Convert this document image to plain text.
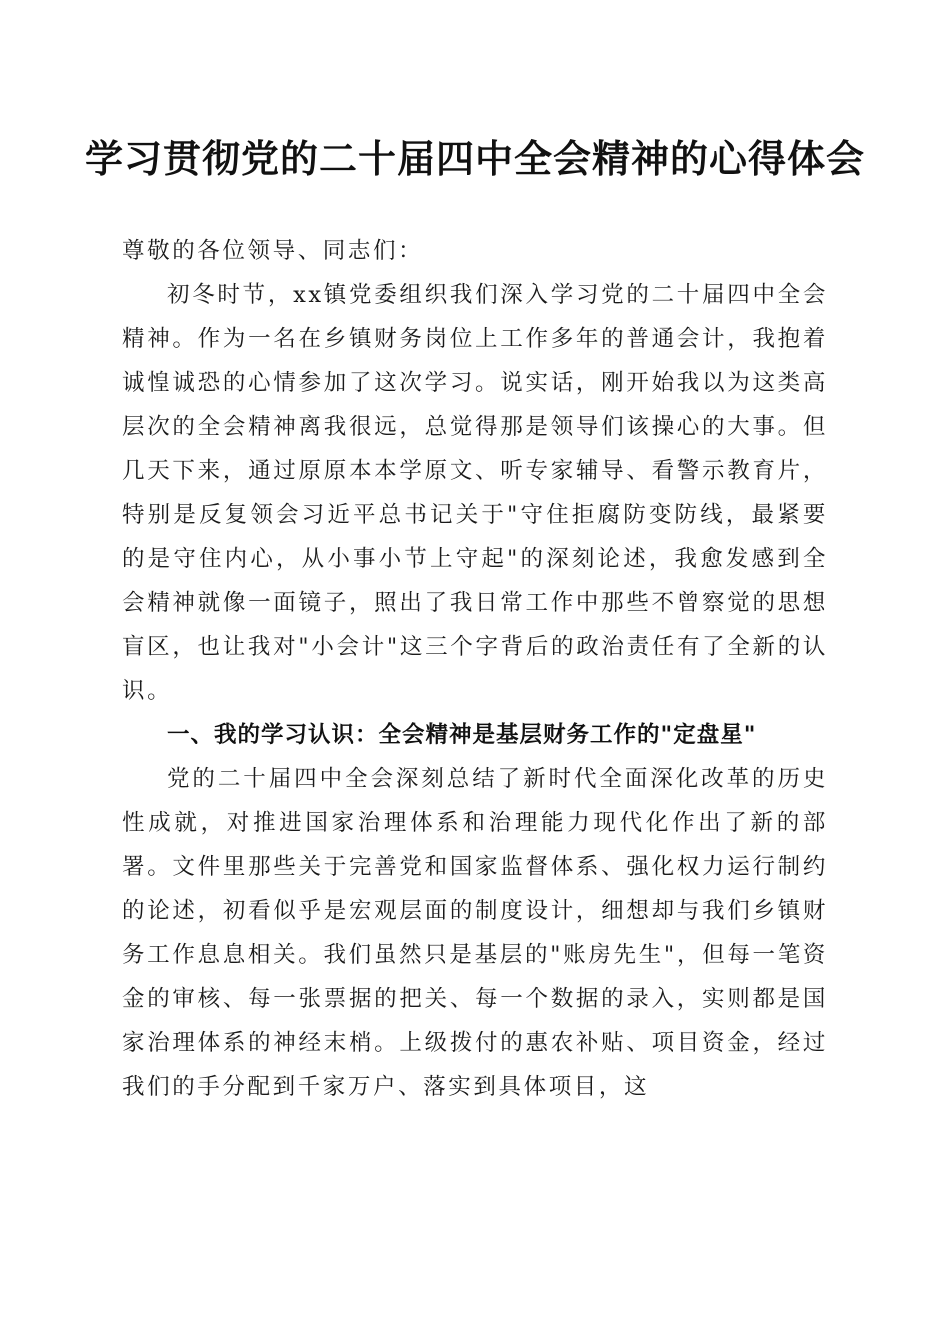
学习贯彻党的二十届四中全会精神的心得体会

尊敬的各位领导、同志们：

初冬时节，xx镇党委组织我们深入学习党的二十届四中全会精神。作为一名在乡镇财务岗位上工作多年的普通会计，我抱着诚惶诚恐的心情参加了这次学习。说实话，刚开始我以为这类高层次的全会精神离我很远，总觉得那是领导们该操心的大事。但几天下来，通过原原本本学原文、听专家辅导、看警示教育片，特别是反复领会习近平总书记关于"守住拒腐防变防线，最紧要的是守住内心，从小事小节上守起"的深刻论述，我愈发感到全会精神就像一面镜子，照出了我日常工作中那些不曾察觉的思想盲区，也让我对"小会计"这三个字背后的政治责任有了全新的认识。

一、我的学习认识：全会精神是基层财务工作的"定盘星"

党的二十届四中全会深刻总结了新时代全面深化改革的历史性成就，对推进国家治理体系和治理能力现代化作出了新的部署。文件里那些关于完善党和国家监督体系、强化权力运行制约的论述，初看似乎是宏观层面的制度设计，细想却与我们乡镇财务工作息息相关。我们虽然只是基层的"账房先生"，但每一笔资金的审核、每一张票据的把关、每一个数据的录入，实则都是国家治理体系的神经末梢。上级拨付的惠农补贴、项目资金，经过我们的手分配到千家万户、落实到具体项目，这
